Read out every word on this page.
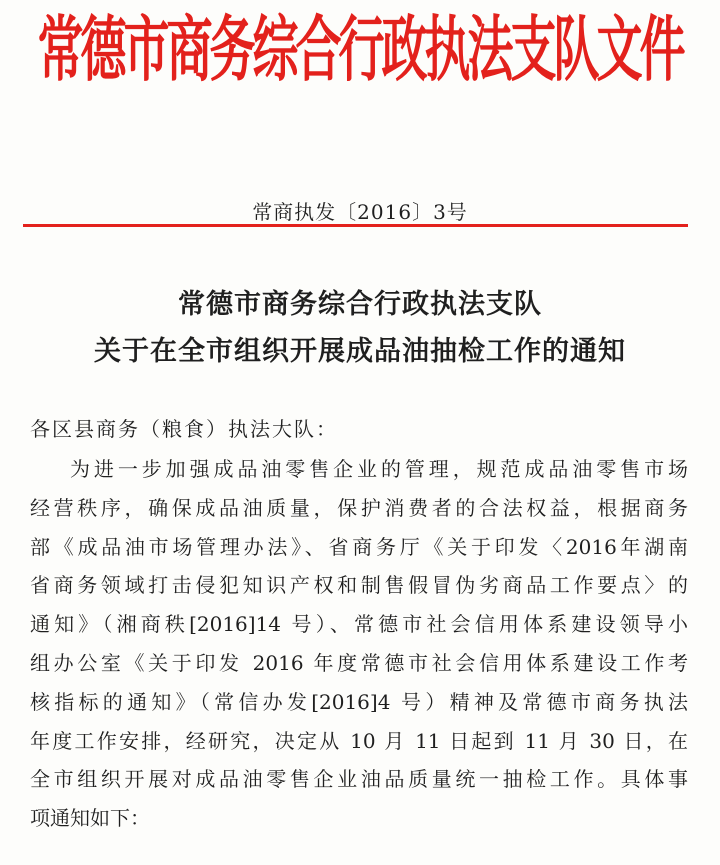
常德市商务综合行政执法支队文件
常商执发〔2016〕3号
常德市商务综合行政执法支队
关于在全市组织开展成品油抽检工作的通知
各区县商务（粮食）执法大队：
为进一步加强成品油零售企业的管理，规范成品油零售市场
经营秩序，确保成品油质量，保护消费者的合法权益，根据商务
部《成品油市场管理办法》、省商务厅《关于印发〈2016年湖南
省商务领域打击侵犯知识产权和制售假冒伪劣商品工作要点〉的
通知》（湘商秩[2016]14 号）、常德市社会信用体系建设领导小
组办公室《关于印发 2016 年度常德市社会信用体系建设工作考
核指标的通知》（常信办发[2016]4 号）精神及常德市商务执法
年度工作安排，经研究，决定从 10 月 11 日起到 11 月 30 日，在
全市组织开展对成品油零售企业油品质量统一抽检工作。具体事
项通知如下：
